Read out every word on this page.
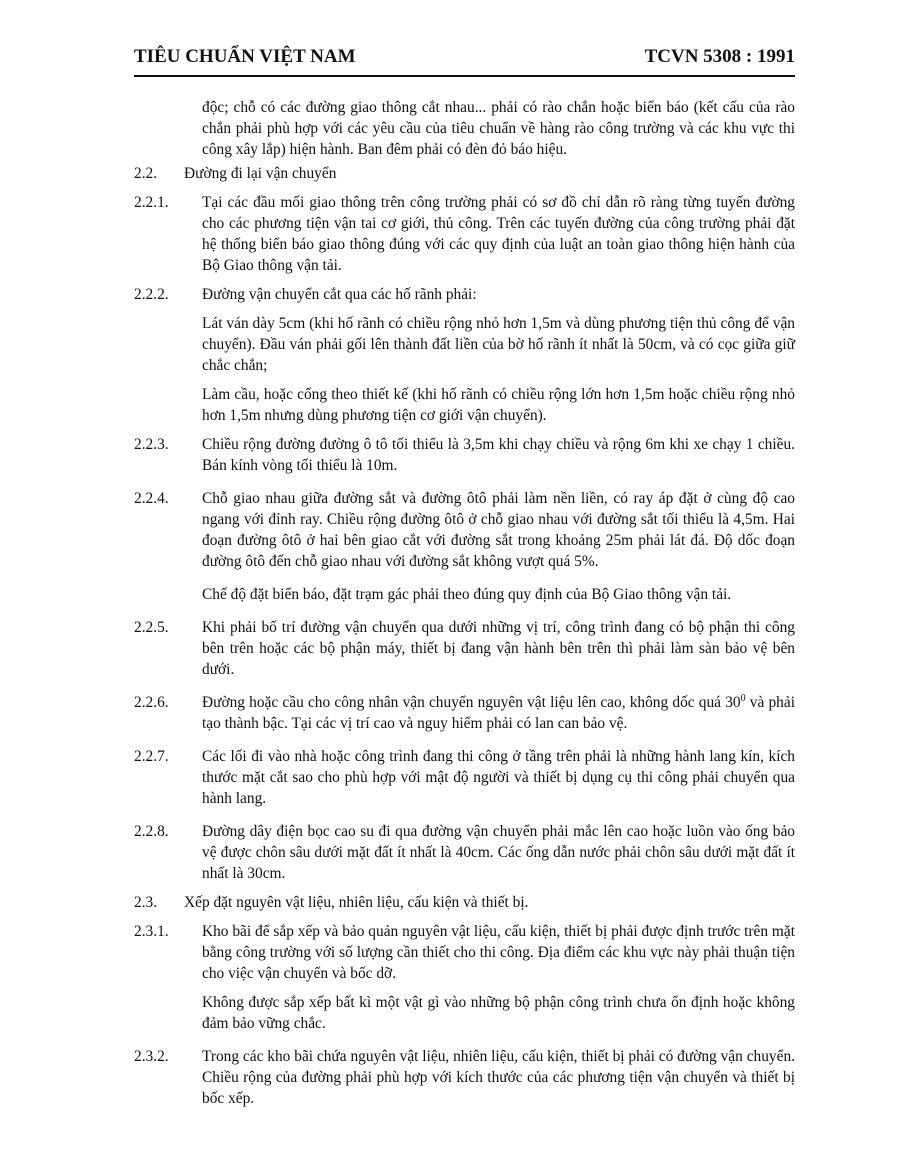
TIÊU CHUẨN VIỆT NAM	TCVN 5308 : 1991
độc; chỗ có các đường giao thông cắt nhau... phải có rào chắn hoặc biển báo (kết cấu của rào chắn phải phù hợp với các yêu cầu của tiêu chuẩn về hàng rào công trường và các khu vực thi công xây lắp) hiện hành. Ban đêm phải có đèn đỏ báo hiệu.
2.2. Đường đi lại vận chuyển
2.2.1. Tại các đầu mối giao thông trên công trường phải có sơ đồ chỉ dẫn rõ ràng từng tuyến đường cho các phương tiện vận tai cơ giới, thủ công. Trên các tuyến đường của công trường phải đặt hệ thống biển báo giao thông đúng với các quy định của luật an toàn giao thông hiện hành của Bộ Giao thông vận tải.
2.2.2. Đường vận chuyển cắt qua các hố rãnh phải:
Lát ván dày 5cm (khi hố rãnh có chiều rộng nhỏ hơn 1,5m và dùng phương tiện thủ công để vận chuyển). Đầu ván phải gối lên thành đất liền của bờ hố rãnh ít nhất là 50cm, và có cọc giữa giữ chắc chắn;
Làm cầu, hoặc cống theo thiết kế (khi hố rãnh có chiều rộng lớn hơn 1,5m hoặc chiều rộng nhỏ hơn 1,5m nhưng dùng phương tiện cơ giới vận chuyển).
2.2.3. Chiều rộng đường đường ô tô tối thiểu là 3,5m khi chạy chiều và rộng 6m khi xe chạy 1 chiều. Bán kính vòng tối thiểu là 10m.
2.2.4. Chỗ giao nhau giữa đường sắt và đường ôtô phải làm nền liền, có ray áp đặt ở cùng độ cao ngang với đỉnh ray. Chiều rộng đường ôtô ở chỗ giao nhau với đường sắt tối thiểu là 4,5m. Hai đoạn đường ôtô ở hai bên giao cắt với đường sắt trong khoảng 25m phải lát đá. Độ dốc đoạn đường ôtô đến chỗ giao nhau với đường sắt không vượt quá 5%.
Chế độ đặt biển báo, đặt trạm gác phải theo đúng quy định của Bộ Giao thông vận tải.
2.2.5. Khi phải bố trí đường vận chuyển qua dưới những vị trí, công trình đang có bộ phận thi công bên trên hoặc các bộ phận máy, thiết bị đang vận hành bên trên thì phải làm sàn bảo vệ bên dưới.
2.2.6. Đường hoặc cầu cho công nhân vận chuyển nguyên vật liệu lên cao, không dốc quá $30^0$ và phải tạo thành bậc. Tại các vị trí cao và nguy hiểm phải có lan can bảo vệ.
2.2.7. Các lối đi vào nhà hoặc công trình đang thi công ở tầng trên phải là những hành lang kín, kích thước mặt cắt sao cho phù hợp với mật độ người và thiết bị dụng cụ thi công phải chuyển qua hành lang.
2.2.8. Đường dây điện bọc cao su đi qua đường vận chuyển phải mắc lên cao hoặc luồn vào ống bảo vệ được chôn sâu dưới mặt đất ít nhất là 40cm. Các ống dẫn nước phải chôn sâu dưới mặt đất ít nhất là 30cm.
2.3. Xếp đặt nguyên vật liệu, nhiên liệu, cấu kiện và thiết bị.
2.3.1. Kho bãi để sắp xếp và bảo quản nguyên vật liệu, cấu kiện, thiết bị phải được định trước trên mặt bằng công trường với số lượng cần thiết cho thi công. Địa điểm các khu vực này phải thuận tiện cho việc vận chuyển và bốc dỡ.
Không được sắp xếp bất kì một vật gì vào những bộ phận công trình chưa ổn định hoặc không đảm bảo vững chắc.
2.3.2. Trong các kho bãi chứa nguyên vật liệu, nhiên liệu, cấu kiện, thiết bị phải có đường vận chuyển. Chiều rộng của đường phải phù hợp với kích thước của các phương tiện vận chuyển và thiết bị bốc xếp.
